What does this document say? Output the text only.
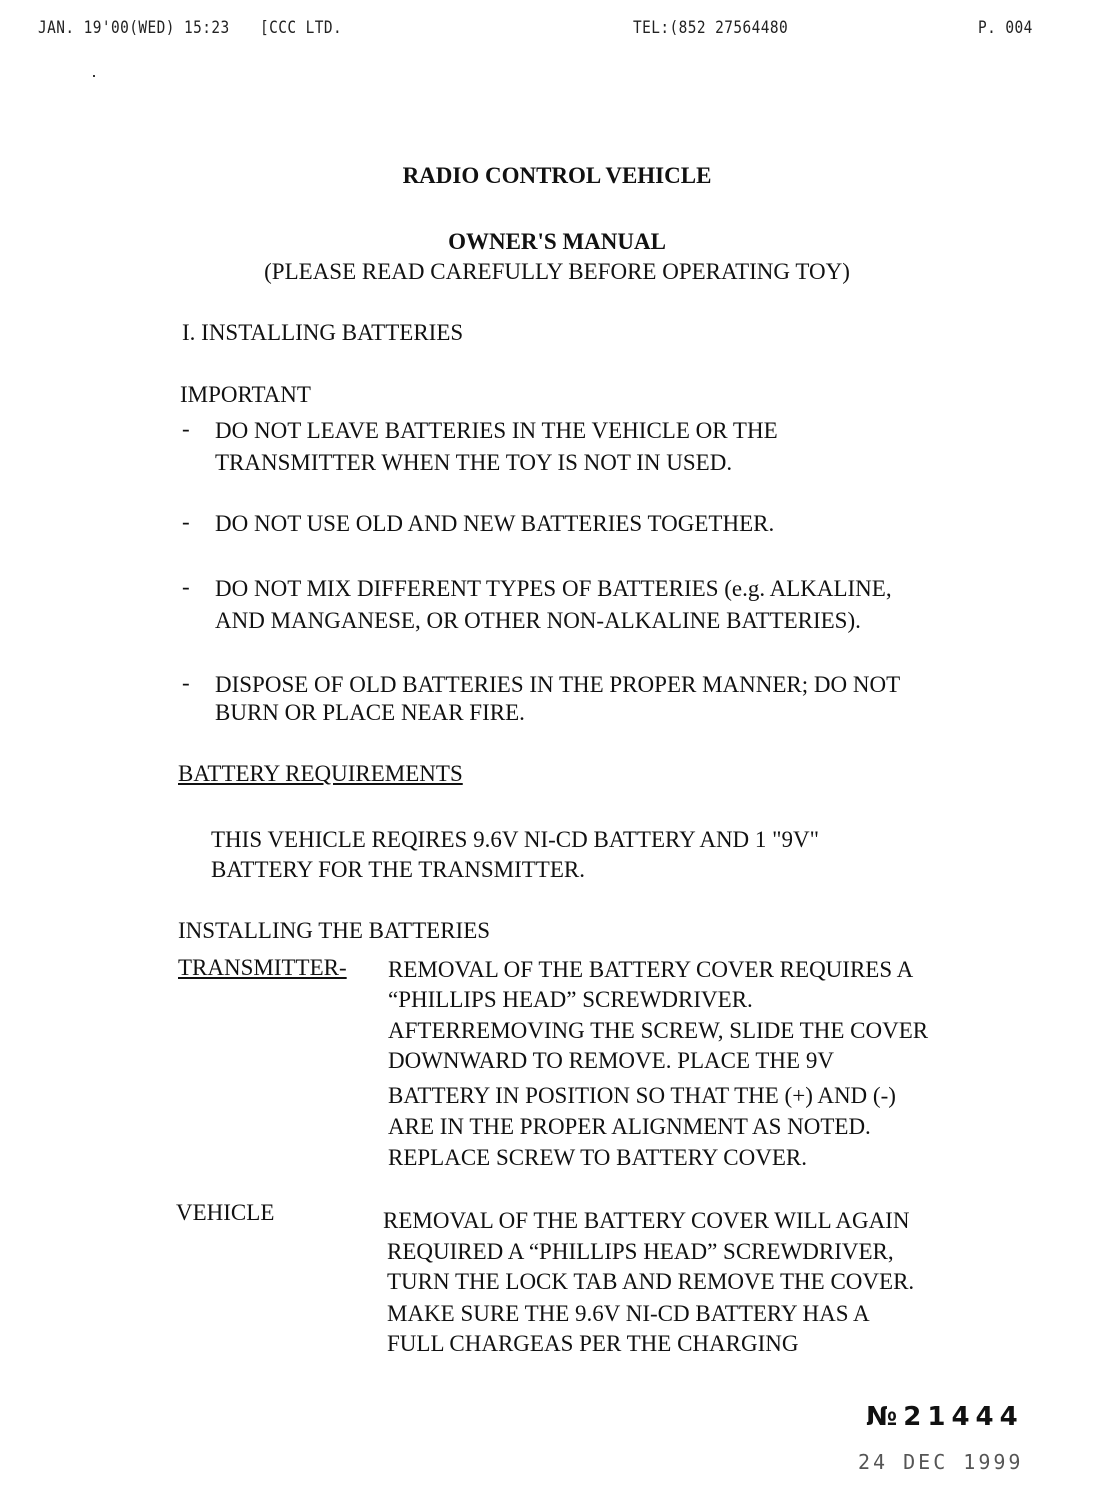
JAN. 19'00(WED) 15:23 [CCC LTD.	TEL:(852 27564480	P. 004
RADIO CONTROL VEHICLE
OWNER'S MANUAL
(PLEASE READ CAREFULLY BEFORE OPERATING TOY)
I. INSTALLING BATTERIES
IMPORTANT
- DO NOT LEAVE BATTERIES IN THE VEHICLE OR THE
TRANSMITTER WHEN THE TOY IS NOT IN USED.
- DO NOT USE OLD AND NEW BATTERIES TOGETHER.
- DO NOT MIX DIFFERENT TYPES OF BATTERIES (e.g. ALKALINE,
AND MANGANESE, OR OTHER NON-ALKALINE BATTERIES).
- DISPOSE OF OLD BATTERIES IN THE PROPER MANNER; DO NOT
BURN OR PLACE NEAR FIRE.
BATTERY REQUIREMENTS
THIS VEHICLE REQIRES 9.6V NI-CD BATTERY AND 1 "9V"
BATTERY FOR THE TRANSMITTER.
INSTALLING THE BATTERIES
TRANSMITTER- REMOVAL OF THE BATTERY COVER REQUIRES A
“PHILLIPS HEAD” SCREWDRIVER.
AFTERREMOVING THE SCREW, SLIDE THE COVER
DOWNWARD TO REMOVE. PLACE THE 9V
BATTERY IN POSITION SO THAT THE (+) AND (-)
ARE IN THE PROPER ALIGNMENT AS NOTED.
REPLACE SCREW TO BATTERY COVER.
VEHICLE	REMOVAL OF THE BATTERY COVER WILL AGAIN
REQUIRED A “PHILLIPS HEAD” SCREWDRIVER,
TURN THE LOCK TAB AND REMOVE THE COVER.
MAKE SURE THE 9.6V NI-CD BATTERY HAS A
FULL CHARGEAS PER THE CHARGING
№21444
24 DEC 1999
